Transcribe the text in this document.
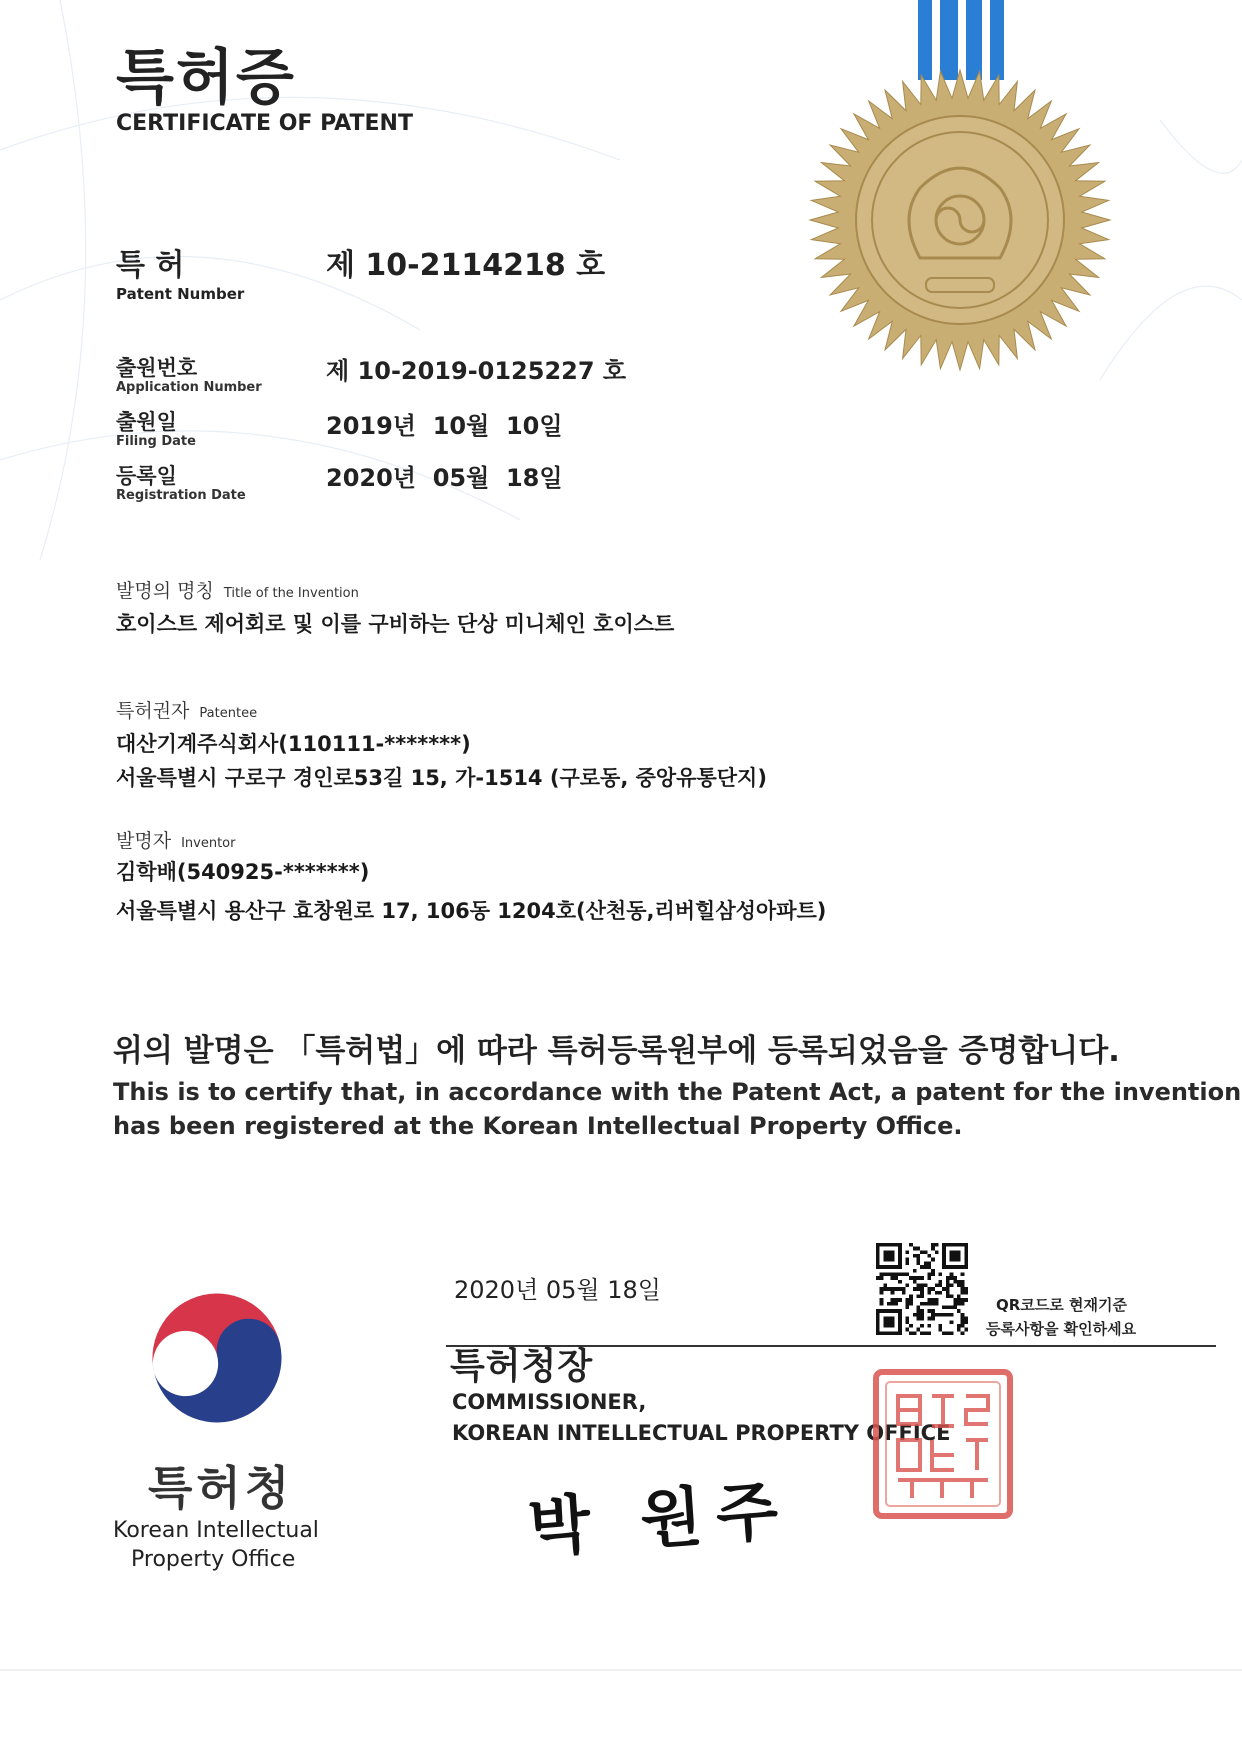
특허증
CERTIFICATE OF PATENT
특 허
Patent Number
제 10-2114218 호
출원번호
Application Number
제 10-2019-0125227 호
출원일
Filing Date
2019년  10월  10일
등록일
Registration Date
2020년  05월  18일
발명의 명칭 Title of the Invention
호이스트 제어회로 및 이를 구비하는 단상 미니체인 호이스트
특허권자 Patentee
대산기계주식회사(110111-*******)
서울특별시 구로구 경인로53길 15, 가-1514 (구로동, 중앙유통단지)
발명자 Inventor
김학배(540925-*******)
서울특별시 용산구 효창원로 17, 106동 1204호(산천동,리버힐삼성아파트)
위의 발명은 「특허법」에 따라 특허등록원부에 등록되었음을 증명합니다.
This is to certify that, in accordance with the Patent Act, a patent for the invention
has been registered at the Korean Intellectual Property Office.
특허청
Korean Intellectual
Property Office
2020년 05월 18일
특허청장
COMMISSIONER,
KOREAN INTELLECTUAL PROPERTY OFFICE
박 원주
QR코드로 현재기준
등록사항을 확인하세요
